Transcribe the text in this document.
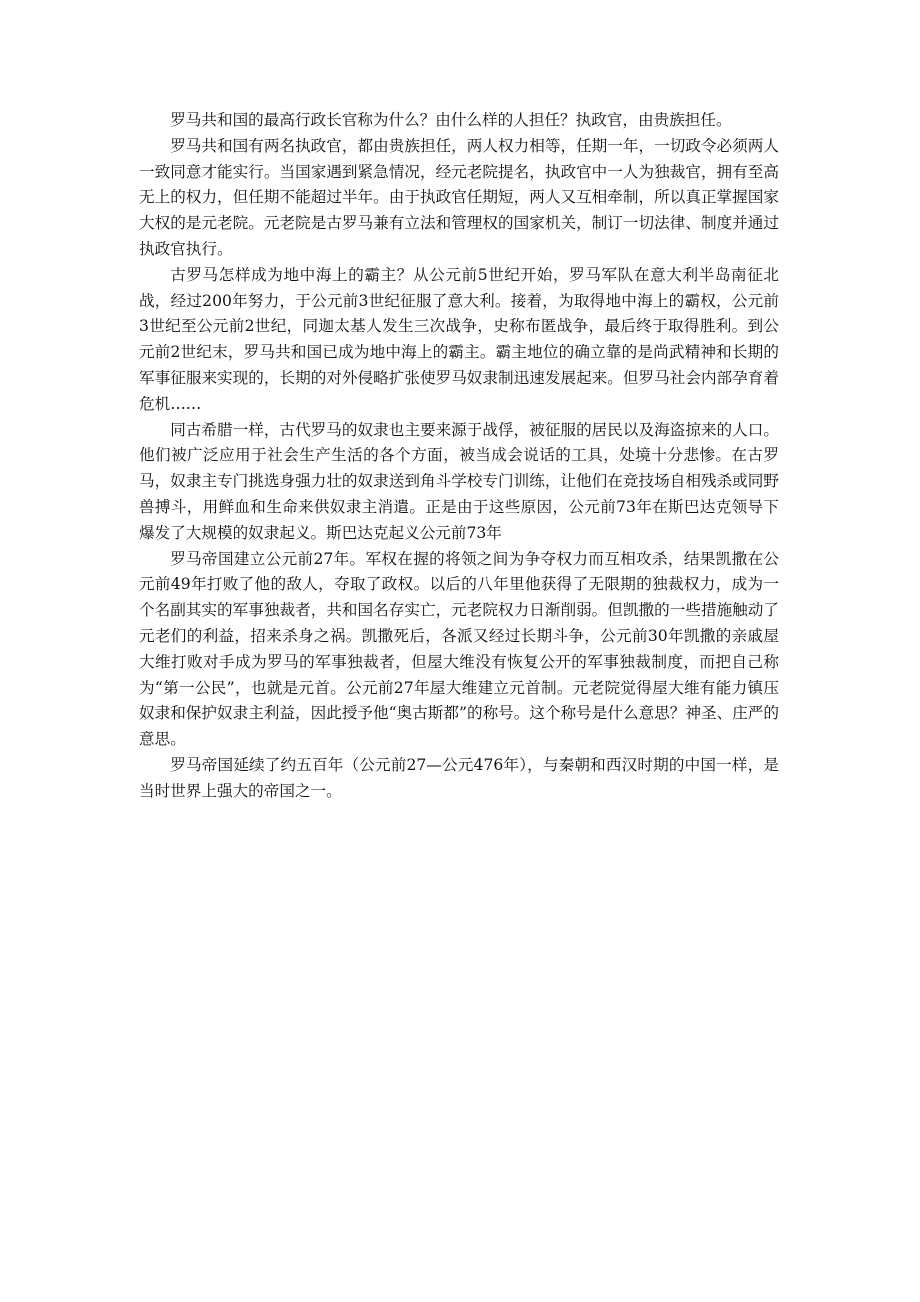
罗马共和国的最高行政长官称为什么？由什么样的人担任？执政官，由贵族担任。

罗马共和国有两名执政官，都由贵族担任，两人权力相等，任期一年，一切政令必须两人一致同意才能实行。当国家遇到紧急情况，经元老院提名，执政官中一人为独裁官，拥有至高无上的权力，但任期不能超过半年。由于执政官任期短，两人又互相牵制，所以真正掌握国家大权的是元老院。元老院是古罗马兼有立法和管理权的国家机关，制订一切法律、制度并通过执政官执行。

古罗马怎样成为地中海上的霸主？从公元前5世纪开始，罗马军队在意大利半岛南征北战，经过200年努力，于公元前3世纪征服了意大利。接着，为取得地中海上的霸权，公元前3世纪至公元前2世纪，同迦太基人发生三次战争，史称布匿战争，最后终于取得胜利。到公元前2世纪末，罗马共和国已成为地中海上的霸主。霸主地位的确立靠的是尚武精神和长期的军事征服来实现的，长期的对外侵略扩张使罗马奴隶制迅速发展起来。但罗马社会内部孕育着危机……

同古希腊一样，古代罗马的奴隶也主要来源于战俘，被征服的居民以及海盗掠来的人口。他们被广泛应用于社会生产生活的各个方面，被当成会说话的工具，处境十分悲惨。在古罗马，奴隶主专门挑选身强力壮的奴隶送到角斗学校专门训练，让他们在竞技场自相残杀或同野兽搏斗，用鲜血和生命来供奴隶主消遣。正是由于这些原因，公元前73年在斯巴达克领导下爆发了大规模的奴隶起义。斯巴达克起义公元前73年

罗马帝国建立公元前27年。军权在握的将领之间为争夺权力而互相攻杀，结果凯撒在公元前49年打败了他的敌人，夺取了政权。以后的八年里他获得了无限期的独裁权力，成为一个名副其实的军事独裁者，共和国名存实亡，元老院权力日渐削弱。但凯撒的一些措施触动了元老们的利益，招来杀身之祸。凯撒死后，各派又经过长期斗争，公元前30年凯撒的亲戚屋大维打败对手成为罗马的军事独裁者，但屋大维没有恢复公开的军事独裁制度，而把自己称为“第一公民”，也就是元首。公元前27年屋大维建立元首制。元老院觉得屋大维有能力镇压奴隶和保护奴隶主利益，因此授予他“奥古斯都”的称号。这个称号是什么意思？神圣、庄严的意思。

罗马帝国延续了约五百年（公元前27—公元476年），与秦朝和西汉时期的中国一样，是当时世界上强大的帝国之一。
